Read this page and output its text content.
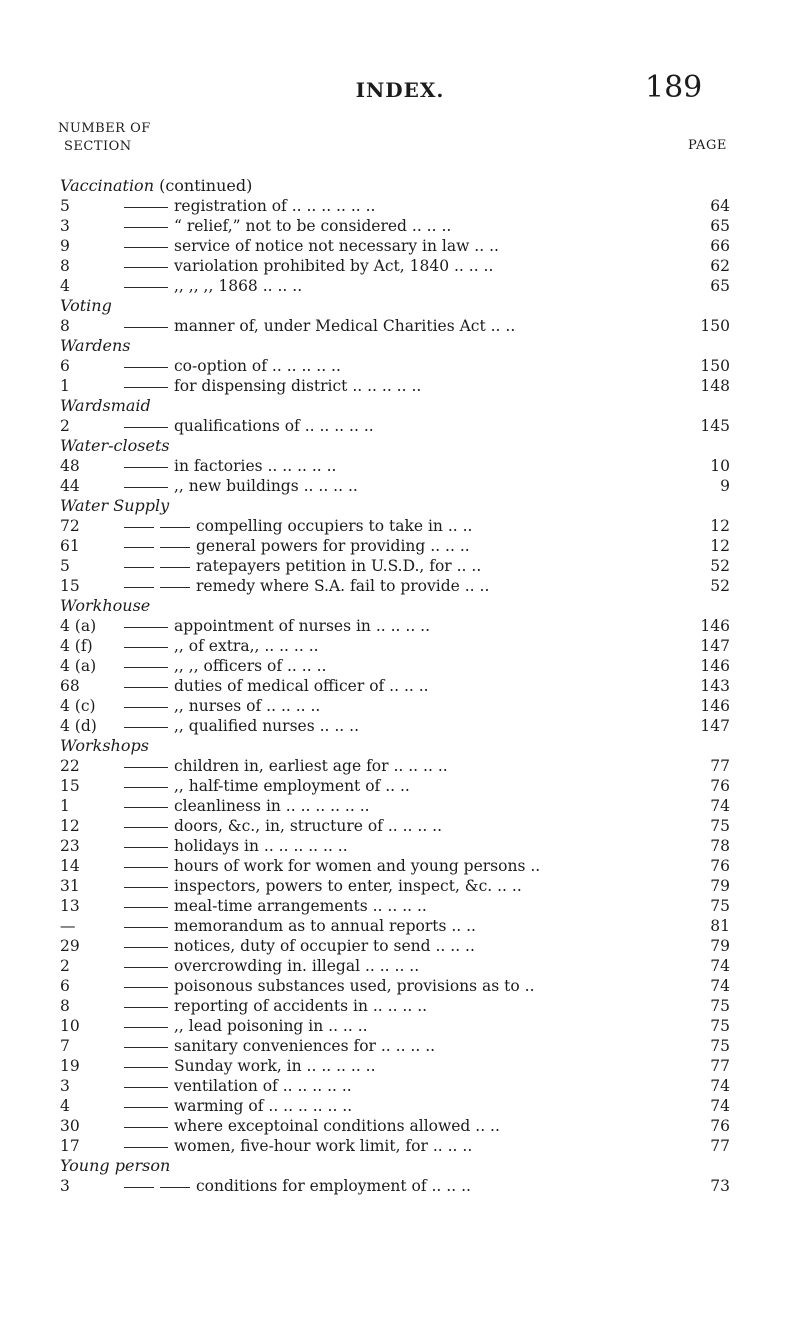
INDEX.	189
NUMBER OF
SECTION	PAGE
Vaccination (continued)
5	registration of .. .. .. .. .. ..	64
3	“ relief,” not to be considered .. .. ..	65
9	service of notice not necessary in law .. ..	66
8	variolation prohibited by Act, 1840 .. .. ..	62
4	,, ,, ,, 1868 .. .. ..	65
Voting
8	manner of, under Medical Charities Act .. ..	150
Wardens
6	co-option of .. .. .. .. ..	150
1	for dispensing district .. .. .. .. ..	148
Wardsmaid
2	qualifications of .. .. .. .. ..	145
Water-closets
48	in factories .. .. .. .. ..	10
44	,, new buildings .. .. .. ..	9
Water Supply
72	compelling occupiers to take in .. ..	12
61	general powers for providing .. .. ..	12
5	ratepayers petition in U.S.D., for .. ..	52
15	remedy where S.A. fail to provide .. ..	52
Workhouse
4 (a)	appointment of nurses in .. .. .. ..	146
4 (f)	,, of extra,, .. .. .. ..	147
4 (a)	,, ,, officers of .. .. ..	146
68	duties of medical officer of .. .. ..	143
4 (c)	,, nurses of .. .. .. ..	146
4 (d)	,, qualified nurses .. .. ..	147
Workshops
22	children in, earliest age for .. .. .. ..	77
15	,, half-time employment of .. ..	76
1	cleanliness in .. .. .. .. .. ..	74
12	doors, &c., in, structure of .. .. .. ..	75
23	holidays in .. .. .. .. .. ..	78
14	hours of work for women and young persons ..	76
31	inspectors, powers to enter, inspect, &c. .. ..	79
13	meal-time arrangements .. .. .. ..	75
—	memorandum as to annual reports .. ..	81
29	notices, duty of occupier to send .. .. ..	79
2	overcrowding in. illegal .. .. .. ..	74
6	poisonous substances used, provisions as to ..	74
8	reporting of accidents in .. .. .. ..	75
10	,, lead poisoning in .. .. ..	75
7	sanitary conveniences for .. .. .. ..	75
19	Sunday work, in .. .. .. .. ..	77
3	ventilation of .. .. .. .. ..	74
4	warming of .. .. .. .. .. ..	74
30	where exceptoinal conditions allowed .. ..	76
17	women, five-hour work limit, for .. .. ..	77
Young person
3	conditions for employment of .. .. ..	73
